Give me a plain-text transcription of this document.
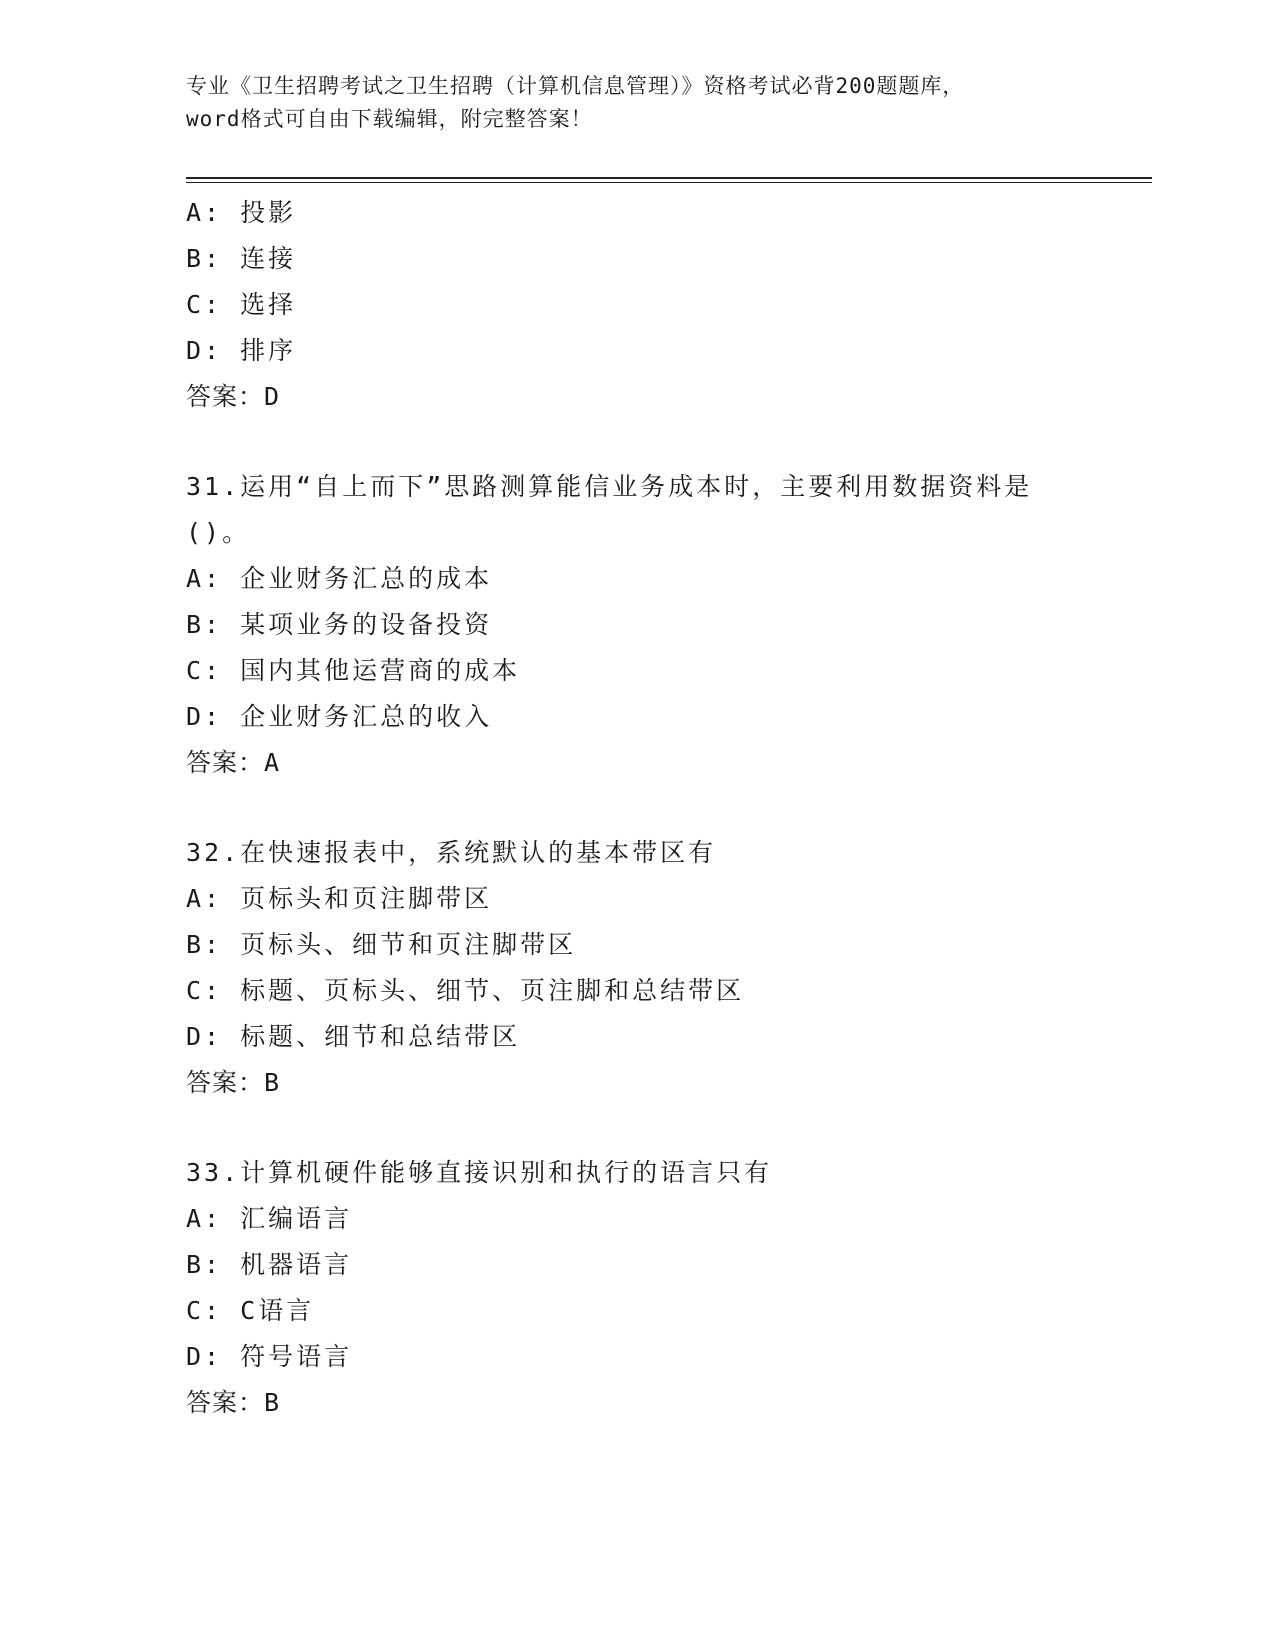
专业《卫生招聘考试之卫生招聘（计算机信息管理）》资格考试必背200题题库，
word格式可自由下载编辑，附完整答案！
A: 投影
B: 连接
C: 选择
D: 排序
答案：D
31.运用“自上而下”思路测算能信业务成本时，主要利用数据资料是
()。
A: 企业财务汇总的成本
B: 某项业务的设备投资
C: 国内其他运营商的成本
D: 企业财务汇总的收入
答案：A
32.在快速报表中，系统默认的基本带区有
A: 页标头和页注脚带区
B: 页标头、细节和页注脚带区
C: 标题、页标头、细节、页注脚和总结带区
D: 标题、细节和总结带区
答案：B
33.计算机硬件能够直接识别和执行的语言只有
A: 汇编语言
B: 机器语言
C: C语言
D: 符号语言
答案：B
